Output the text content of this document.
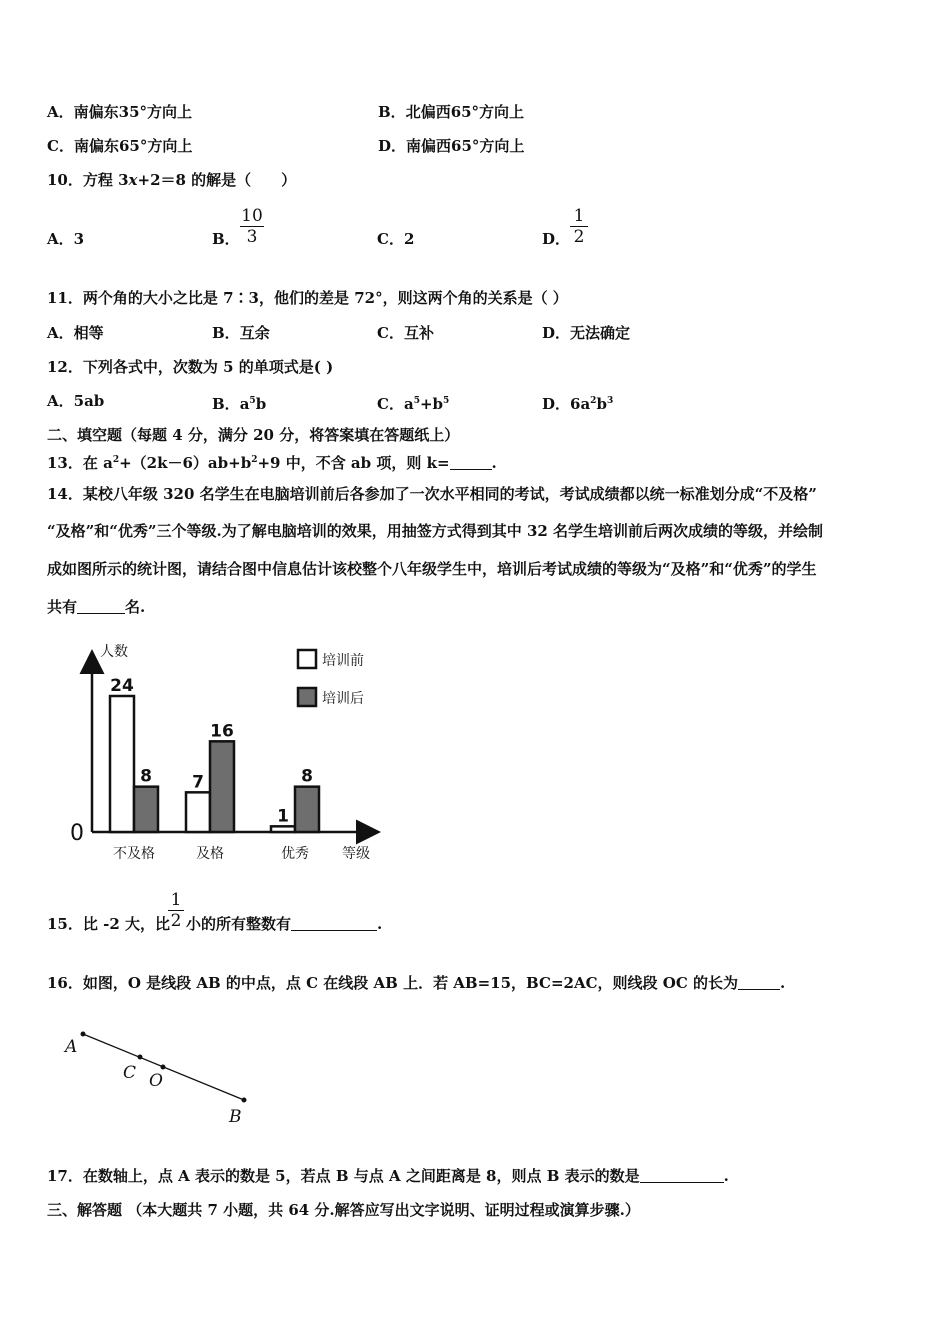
A．南偏东35°方向上	B．北偏西65°方向上
C．南偏东65°方向上	D．南偏西65°方向上
10．方程 3x+2＝8 的解是（　　）
A．3	B． $\frac{10}{3}$	C．2	D． $\frac{1}{2}$
11．两个角的大小之比是 7∶3，他们的差是 72°，则这两个角的关系是（ ）
A．相等	B．互余	C．互补	D．无法确定
12．下列各式中，次数为 5 的单项式是( )
A．5ab	B．$a^5b$	C．$a^5+b^5$	D．$6a^2b^3$
二、填空题（每题 4 分，满分 20 分，将答案填在答题纸上）
13．在 $a^2+(2k-6)ab+b^2+9$ 中，不含 ab 项，则 k=	.
14．某校八年级 320 名学生在电脑培训前后各参加了一次水平相同的考试，考试成绩都以统一标准划分成“不及格”
“及格”和“优秀”三个等级.为了解电脑培训的效果，用抽签方式得到其中 32 名学生培训前后两次成绩的等级，并绘制
成如图所示的统计图，请结合图中信息估计该校整个八年级学生中，培训后考试成绩的等级为“及格”和“优秀”的学生
共有	名.
人数
0
等级
24
8
不及格
7
16
及格
1
8
优秀
培训前
培训后
15．比 -2 大，比
$\frac{1}{2}$ 小的所有整数有	.
16．如图，O 是线段 AB 的中点，点 C 在线段 AB 上．若 AB=15，BC=2AC，则线段 OC 的长为	.
A
C O
B
17．在数轴上，点 A 表示的数是 5，若点 B 与点 A 之间距离是 8，则点 B 表示的数是	.
三、解答题 （本大题共 7 小题，共 64 分.解答应写出文字说明、证明过程或演算步骤.）
